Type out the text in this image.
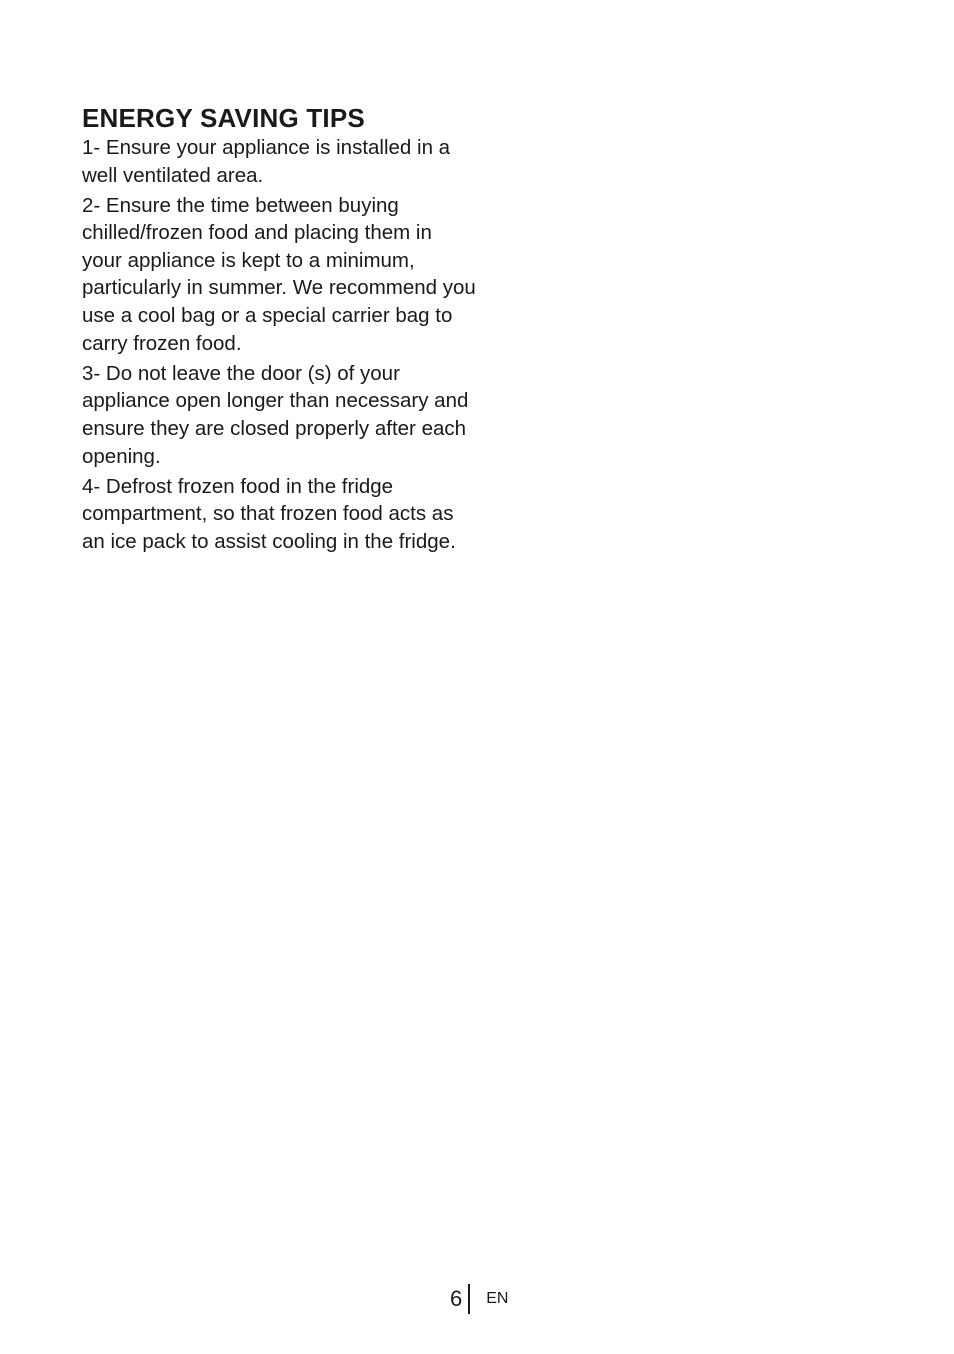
ENERGY SAVING TIPS

1- Ensure your appliance is installed in a well ventilated area.

2- Ensure the time between buying chilled/frozen food and placing them in your appliance is kept to a minimum, particularly in summer. We recommend you use a cool bag or a special carrier bag to carry frozen food.

3- Do not leave the door (s) of your appliance open longer than necessary and ensure they are closed properly after each opening.

4- Defrost frozen food in the fridge compartment, so that frozen food acts as an ice pack to assist cooling in the fridge.

6	EN
